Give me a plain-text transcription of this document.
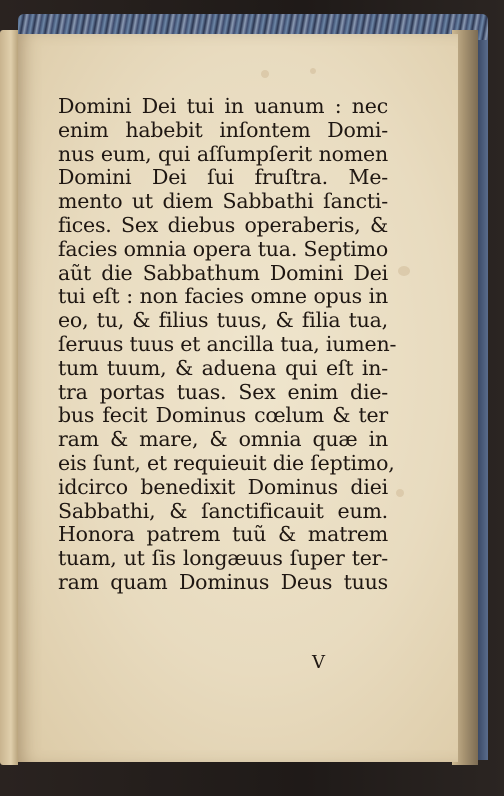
Domini Dei tui in uanum : nec
enim habebit inſontem Domi-
nus eum, qui aſſumpſerit nomen
Domini Dei ſui fruſtra. Me-
mento ut diem Sabbathi ſancti-
fices. Sex diebus operaberis, &
facies omnia opera tua. Septimo
aũt die Sabbathum Domini Dei
tui eſt : non facies omne opus in
eo, tu, & filius tuus, & filia tua,
ſeruus tuus et ancilla tua, iumen-
tum tuum, & aduena qui eſt in-
tra portas tuas. Sex enim die-
bus fecit Dominus cœlum & ter
ram & mare, & omnia quæ in
eis ſunt, et requieuit die ſeptimo,
idcirco benedixit Dominus diei
Sabbathi, & ſanctificauit eum.
Honora patrem tuũ & matrem
tuam, ut ſis longæuus ſuper ter-
ram quam Dominus Deus tuus
V
